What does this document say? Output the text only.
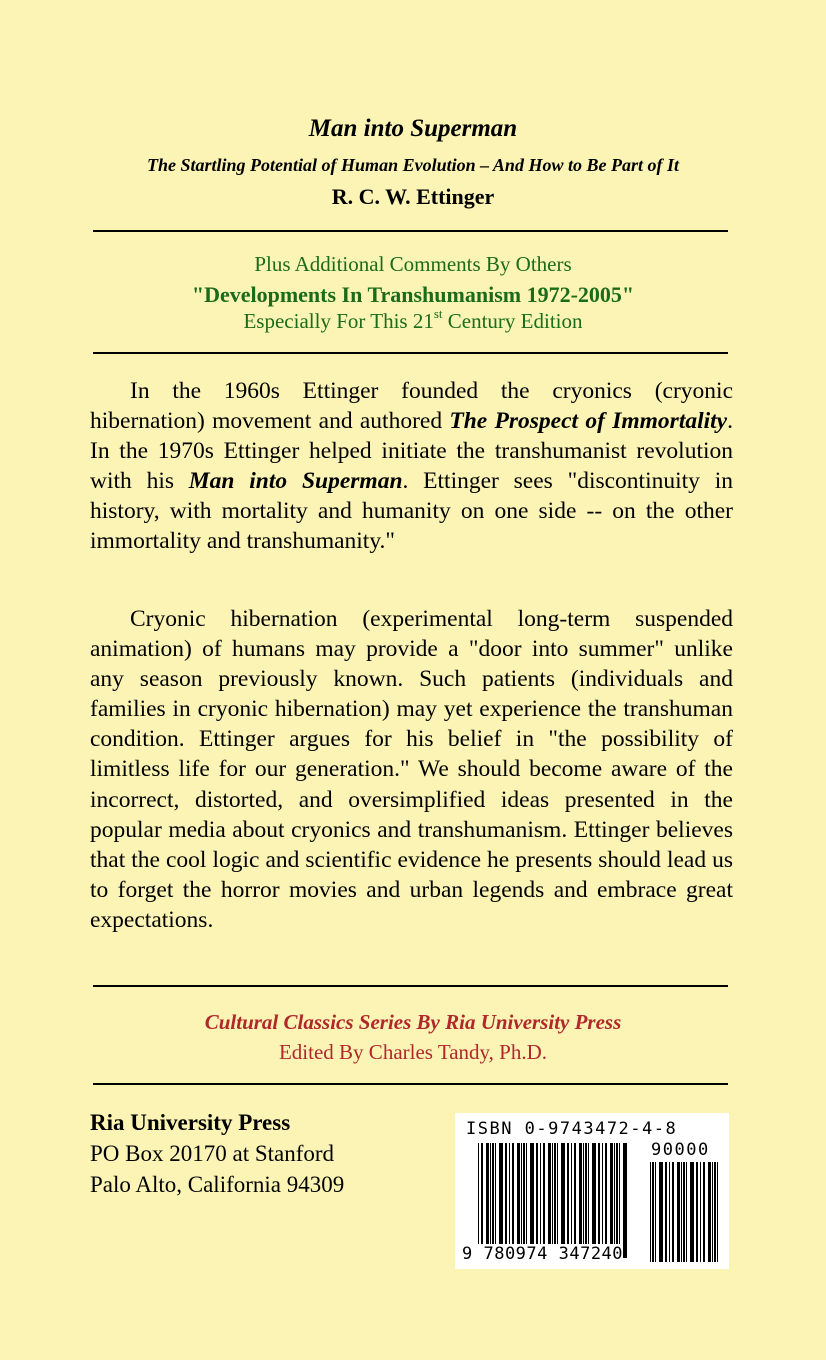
Man into Superman
The Startling Potential of Human Evolution – And How to Be Part of It
R. C. W. Ettinger
Plus Additional Comments By Others
"Developments In Transhumanism 1972-2005"
Especially For This 21st Century Edition

In the 1960s Ettinger founded the cryonics (cryonic hibernation) movement and authored The Prospect of Immortality. In the 1970s Ettinger helped initiate the transhumanist revolution with his Man into Superman. Ettinger sees "discontinuity in history, with mortality and humanity on one side -- on the other immortality and transhumanity."

Cryonic hibernation (experimental long-term suspended animation) of humans may provide a "door into summer" unlike any season previously known. Such patients (individuals and families in cryonic hibernation) may yet experience the transhuman condition. Ettinger argues for his belief in "the possibility of limitless life for our generation." We should become aware of the incorrect, distorted, and oversimplified ideas presented in the popular media about cryonics and transhumanism. Ettinger believes that the cool logic and scientific evidence he presents should lead us to forget the horror movies and urban legends and embrace great expectations.

Cultural Classics Series By Ria University Press
Edited By Charles Tandy, Ph.D.
Ria University Press
PO Box 20170 at Stanford
Palo Alto, California 94309
ISBN 0-9743472-4-8
90000
9 780974 347240
